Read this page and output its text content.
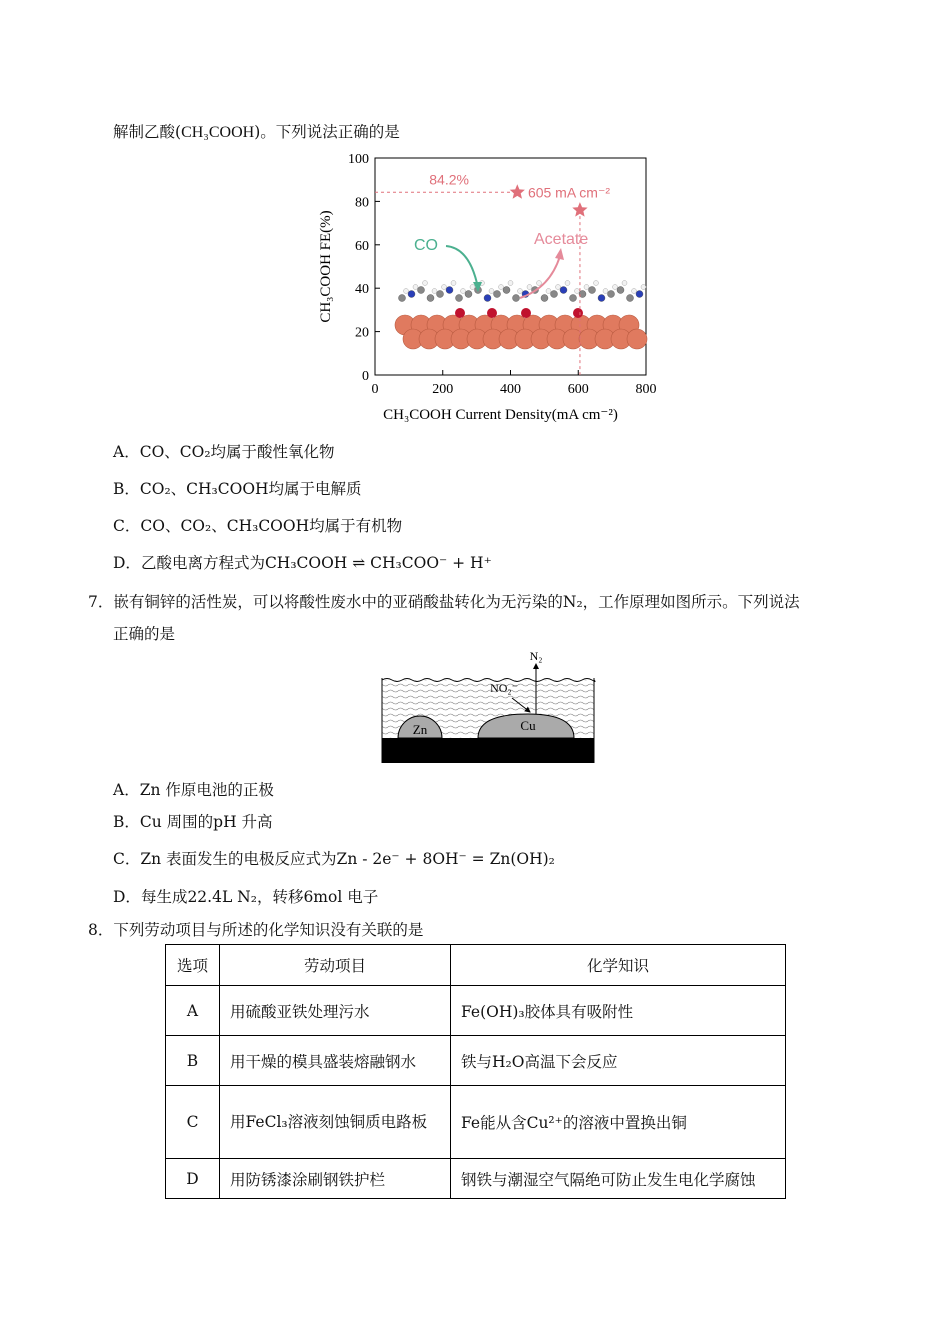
解制乙酸(CH₃COOH)。下列说法正确的是
0	200	400	600	800
0
20
40
60
80
100
CH₃COOH Current Density(mA cm⁻²)
CH₃COOH FE(%)
84.2%
605 mA cm⁻²
CO	Acetate
A．CO、CO₂均属于酸性氧化物
B．CO₂、CH₃COOH均属于电解质
C．CO、CO₂、CH₃COOH均属于有机物
D．乙酸电离方程式为CH₃COOH ⇌ CH₃COO⁻ + H⁺
7．嵌有铜锌的活性炭，可以将酸性废水中的亚硝酸盐转化为无污染的N₂，工作原理如图所示。下列说法
正确的是
Zn	Cu
N₂
NO₂⁻
A．Zn 作原电池的正极
B．Cu 周围的pH 升高
C．Zn 表面发生的电极反应式为Zn - 2e⁻ + 8OH⁻ = Zn(OH)₂
D．每生成22.4L N₂，转移6mol 电子
8．下列劳动项目与所述的化学知识没有关联的是
选项	劳动项目	化学知识
A	用硫酸亚铁处理污水	Fe(OH)₃胶体具有吸附性
B	用干燥的模具盛装熔融钢水	铁与H₂O高温下会反应
C	用FeCl₃溶液刻蚀铜质电路板	Fe能从含Cu²⁺的溶液中置换出铜
D	用防锈漆涂刷钢铁护栏	钢铁与潮湿空气隔绝可防止发生电化学腐蚀
